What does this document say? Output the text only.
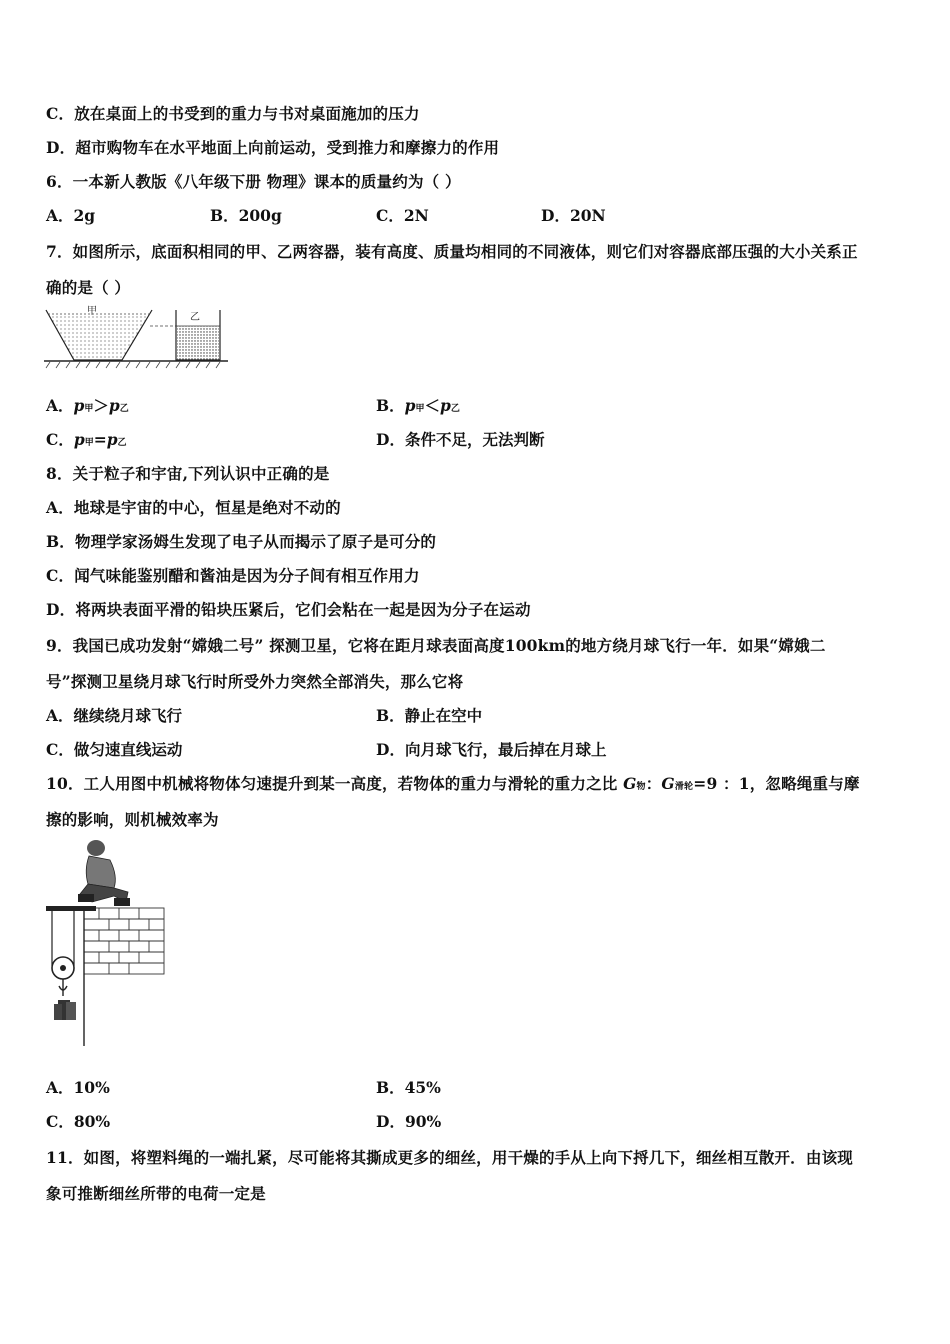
C．放在桌面上的书受到的重力与书对桌面施加的压力
D．超市购物车在水平地面上向前运动，受到推力和摩擦力的作用
6．一本新人教版《八年级下册 物理》课本的质量约为（ ）
A．2g	B．200g	C．2N	D．20N
7．如图所示，底面积相同的甲、乙两容器，装有高度、质量均相同的不同液体，则它们对容器底部压强的大小关系正
确的是（ ）
甲
乙
A．p甲＞p乙	B．p甲＜p乙
C．p甲=p乙	D．条件不足，无法判断
8．关于粒子和宇宙,下列认识中正确的是
A．地球是宇宙的中心，恒星是绝对不动的
B．物理学家汤姆生发现了电子从而揭示了原子是可分的
C．闻气味能鉴别醋和酱油是因为分子间有相互作用力
D．将两块表面平滑的铅块压紧后，它们会粘在一起是因为分子在运动
9．我国已成功发射“嫦娥二号” 探测卫星，它将在距月球表面高度100km的地方绕月球飞行一年．如果“嫦娥二
号”探测卫星绕月球飞行时所受外力突然全部消失，那么它将
A．继续绕月球飞行	B．静止在空中
C．做匀速直线运动	D．向月球飞行，最后掉在月球上
10．工人用图中机械将物体匀速提升到某一高度，若物体的重力与滑轮的重力之比 G物：G滑轮=9 ：1，忽略绳重与摩
擦的影响，则机械效率为
A．10%	B．45%
C．80%	D．90%
11．如图，将塑料绳的一端扎紧，尽可能将其撕成更多的细丝，用干燥的手从上向下捋几下，细丝相互散开．由该现
象可推断细丝所带的电荷一定是
